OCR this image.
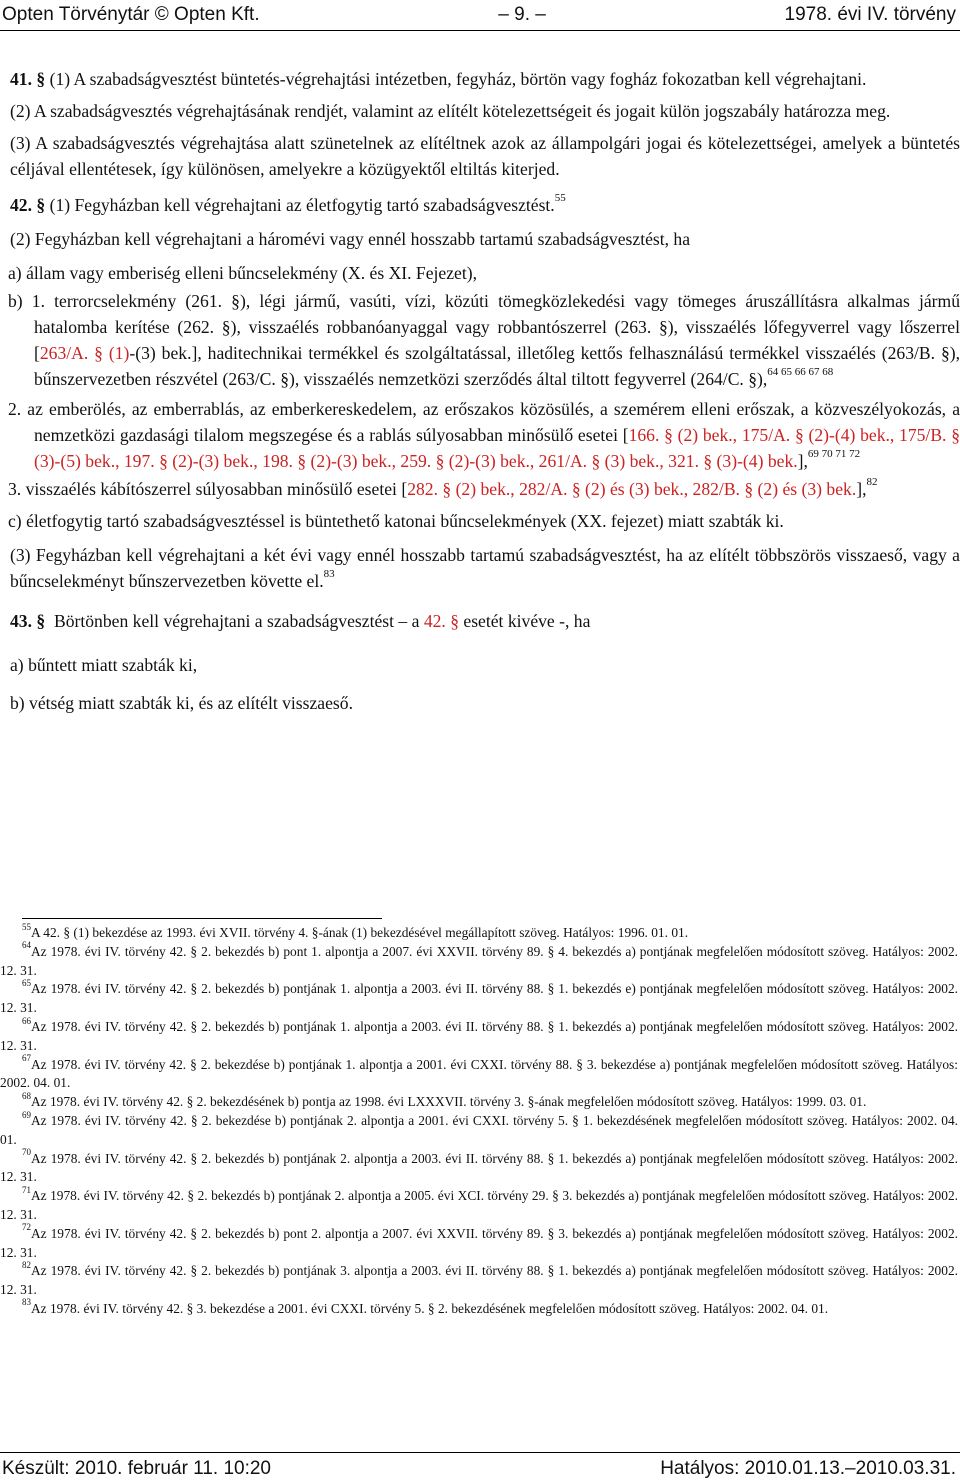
Opten Törvénytár © Opten Kft.	– 9. –	1978. évi IV. törvény

41. § (1) A szabadságvesztést büntetés-végrehajtási intézetben, fegyház, börtön vagy fogház fokozatban kell végrehajtani.

(2) A szabadságvesztés végrehajtásának rendjét, valamint az elítélt kötelezettségeit és jogait külön jogszabály határozza meg.

(3) A szabadságvesztés végrehajtása alatt szünetelnek az elítéltnek azok az állampolgári jogai és kötelezettségei, amelyek a büntetés céljával ellentétesek, így különösen, amelyekre a közügyektől eltiltás kiterjed.

42. § (1) Fegyházban kell végrehajtani az életfogytig tartó szabadságvesztést.$^{55}$

(2) Fegyházban kell végrehajtani a háromévi vagy ennél hosszabb tartamú szabadságvesztést, ha

a) állam vagy emberiség elleni bűncselekmény (X. és XI. Fejezet),

b) 1. terrorcselekmény (261. §), légi jármű, vasúti, vízi, közúti tömegközlekedési vagy tömeges áruszállításra alkalmas jármű hatalomba kerítése (262. §), visszaélés robbanóanyaggal vagy robbantószerrel (263. §), visszaélés lőfegyverrel vagy lőszerrel [263/A. § (1)-(3) bek.], haditechnikai termékkel és szolgáltatással, illetőleg kettős felhasználású termékkel visszaélés (263/B. §), bűnszervezetben részvétel (263/C. §), visszaélés nemzetközi szerződés által tiltott fegyverrel (264/C. §),$^{64 65 66 67 68}$

2. az emberölés, az emberrablás, az emberkereskedelem, az erőszakos közösülés, a szemérem elleni erőszak, a közveszélyokozás, a nemzetközi gazdasági tilalom megszegése és a rablás súlyosabban minősülő esetei [166. § (2) bek., 175/A. § (2)-(4) bek., 175/B. § (3)-(5) bek., 197. § (2)-(3) bek., 198. § (2)-(3) bek., 259. § (2)-(3) bek., 261/A. § (3) bek., 321. § (3)-(4) bek.],$^{69 70 71 72}$

3. visszaélés kábítószerrel súlyosabban minősülő esetei [282. § (2) bek., 282/A. § (2) és (3) bek., 282/B. § (2) és (3) bek.],$^{82}$

c) életfogytig tartó szabadságvesztéssel is büntethető katonai bűncselekmények (XX. fejezet) miatt szabták ki.

(3) Fegyházban kell végrehajtani a két évi vagy ennél hosszabb tartamú szabadságvesztést, ha az elítélt többszörös visszaeső, vagy a bűncselekményt bűnszervezetben követte el.$^{83}$

43. §  Börtönben kell végrehajtani a szabadságvesztést – a 42. § esetét kivéve -, ha

a) bűntett miatt szabták ki,

b) vétség miatt szabták ki, és az elítélt visszaeső.

$^{55}$A 42. § (1) bekezdése az 1993. évi XVII. törvény 4. §-ának (1) bekezdésével megállapított szöveg. Hatályos: 1996. 01. 01.

$^{64}$Az 1978. évi IV. törvény 42. § 2. bekezdés b) pont 1. alpontja a 2007. évi XXVII. törvény 89. § 4. bekezdés a) pontjának megfelelően módosított szöveg. Hatályos: 2002. 12. 31.

$^{65}$Az 1978. évi IV. törvény 42. § 2. bekezdés b) pontjának 1. alpontja a 2003. évi II. törvény 88. § 1. bekezdés e) pontjának megfelelően módosított szöveg. Hatályos: 2002. 12. 31.

$^{66}$Az 1978. évi IV. törvény 42. § 2. bekezdés b) pontjának 1. alpontja a 2003. évi II. törvény 88. § 1. bekezdés a) pontjának megfelelően módosított szöveg. Hatályos: 2002. 12. 31.

$^{67}$Az 1978. évi IV. törvény 42. § 2. bekezdése b) pontjának 1. alpontja a 2001. évi CXXI. törvény 88. § 3. bekezdése a) pontjának megfelelően módosított szöveg. Hatályos: 2002. 04. 01.

$^{68}$Az 1978. évi IV. törvény 42. § 2. bekezdésének b) pontja az 1998. évi LXXXVII. törvény 3. §-ának megfelelően módosított szöveg. Hatályos: 1999. 03. 01.

$^{69}$Az 1978. évi IV. törvény 42. § 2. bekezdése b) pontjának 2. alpontja a 2001. évi CXXI. törvény 5. § 1. bekezdésének megfelelően módosított szöveg. Hatályos: 2002. 04. 01.

$^{70}$Az 1978. évi IV. törvény 42. § 2. bekezdés b) pontjának 2. alpontja a 2003. évi II. törvény 88. § 1. bekezdés a) pontjának megfelelően módosított szöveg. Hatályos: 2002. 12. 31.

$^{71}$Az 1978. évi IV. törvény 42. § 2. bekezdés b) pontjának 2. alpontja a 2005. évi XCI. törvény 29. § 3. bekezdés a) pontjának megfelelően módosított szöveg. Hatályos: 2002. 12. 31.

$^{72}$Az 1978. évi IV. törvény 42. § 2. bekezdés b) pont 2. alpontja a 2007. évi XXVII. törvény 89. § 3. bekezdés a) pontjának megfelelően módosított szöveg. Hatályos: 2002. 12. 31.

$^{82}$Az 1978. évi IV. törvény 42. § 2. bekezdés b) pontjának 3. alpontja a 2003. évi II. törvény 88. § 1. bekezdés a) pontjának megfelelően módosított szöveg. Hatályos: 2002. 12. 31.

$^{83}$Az 1978. évi IV. törvény 42. § 3. bekezdése a 2001. évi CXXI. törvény 5. § 2. bekezdésének megfelelően módosított szöveg. Hatályos: 2002. 04. 01.

Készült: 2010. február 11. 10:20	Hatályos: 2010.01.13.–2010.03.31.
